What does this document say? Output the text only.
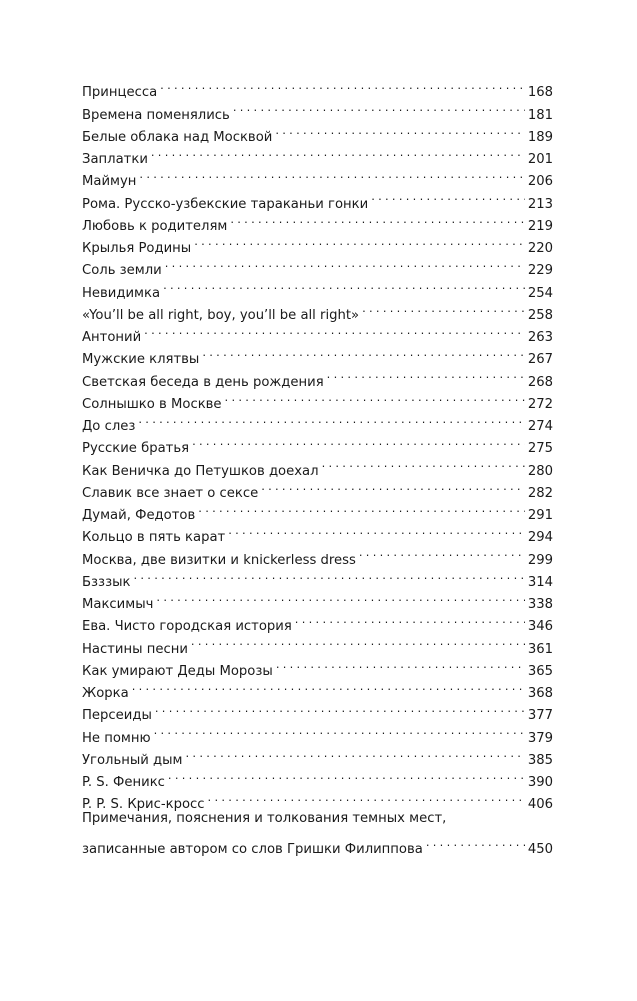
Принцесса . . .	168
Времена поменялись . . .	181
Белые облака над Москвой . . .	189
Заплатки . . .	201
Маймун . . .	206
Рома. Русско-узбекские тараканьи гонки . . .	213
Любовь к родителям . . .	219
Крылья Родины . . .	220
Соль земли . . .	229
Невидимка . . .	254
«You’ll be all right, boy, you’ll be all right» . . .	258
Антоний . . .	263
Мужские клятвы . . .	267
Светская беседа в день рождения . . .	268
Солнышко в Москве . . .	272
До слез . . .	274
Русские братья . . .	275
Как Веничка до Петушков доехал . . .	280
Славик все знает о сексе . . .	282
Думай, Федотов . . .	291
Кольцо в пять карат . . .	294
Москва, две визитки и knickerless dress . . .	299
Бзззык . . .	314
Максимыч . . .	338
Ева. Чисто городская история . . .	346
Настины песни . . .	361
Как умирают Деды Морозы . . .	365
Жорка . . .	368
Персеиды . . .	377
Не помню . . .	379
Угольный дым . . .	385
P. S. Феникс . . .	390
P. P. S. Крис-кросс . . .	406
Примечания, пояснения и толкования темных мест,
записанные автором со слов Гришки Филиппова . . .	450
